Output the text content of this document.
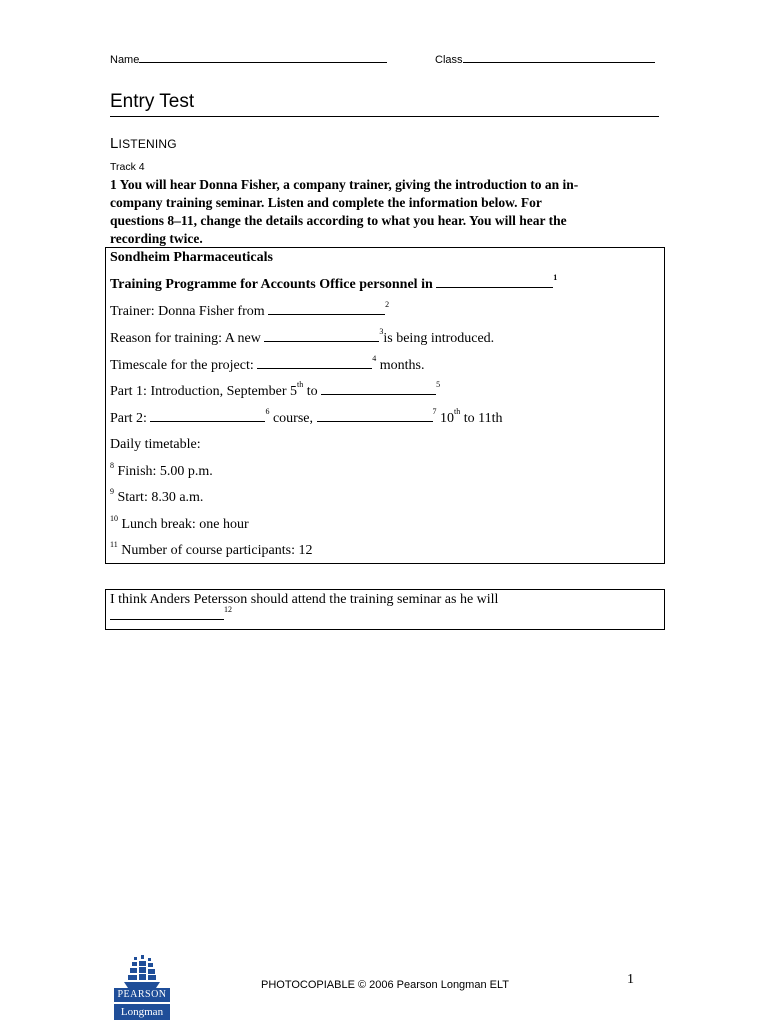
Name	Class
Entry Test
LISTENING
Track 4
1 You will hear Donna Fisher, a company trainer, giving the introduction to an in-
company training seminar. Listen and complete the information below. For
questions 8–11, change the details according to what you hear. You will hear the
recording twice.
Sondheim Pharmaceuticals
Training Programme for Accounts Office personnel in	$^1$
Trainer: Donna Fisher from	$^2$
Reason for training: A new	$^3$is being introduced.
Timescale for the project:	$^4$ months.
Part 1: Introduction, September 5th to	$^5$
Part 2:	$^6$ course,	$^7$ 10th to 11th
Daily timetable:
$^8$ Finish: 5.00 p.m.
$^9$ Start: 8.30 a.m.
$^{10}$ Lunch break: one hour
$^{11}$ Number of course participants: 12
I think Anders Petersson should attend the training seminar as he will
$^{12}$
PEARSON
Longman
PHOTOCOPIABLE © 2006 Pearson Longman ELT	1
